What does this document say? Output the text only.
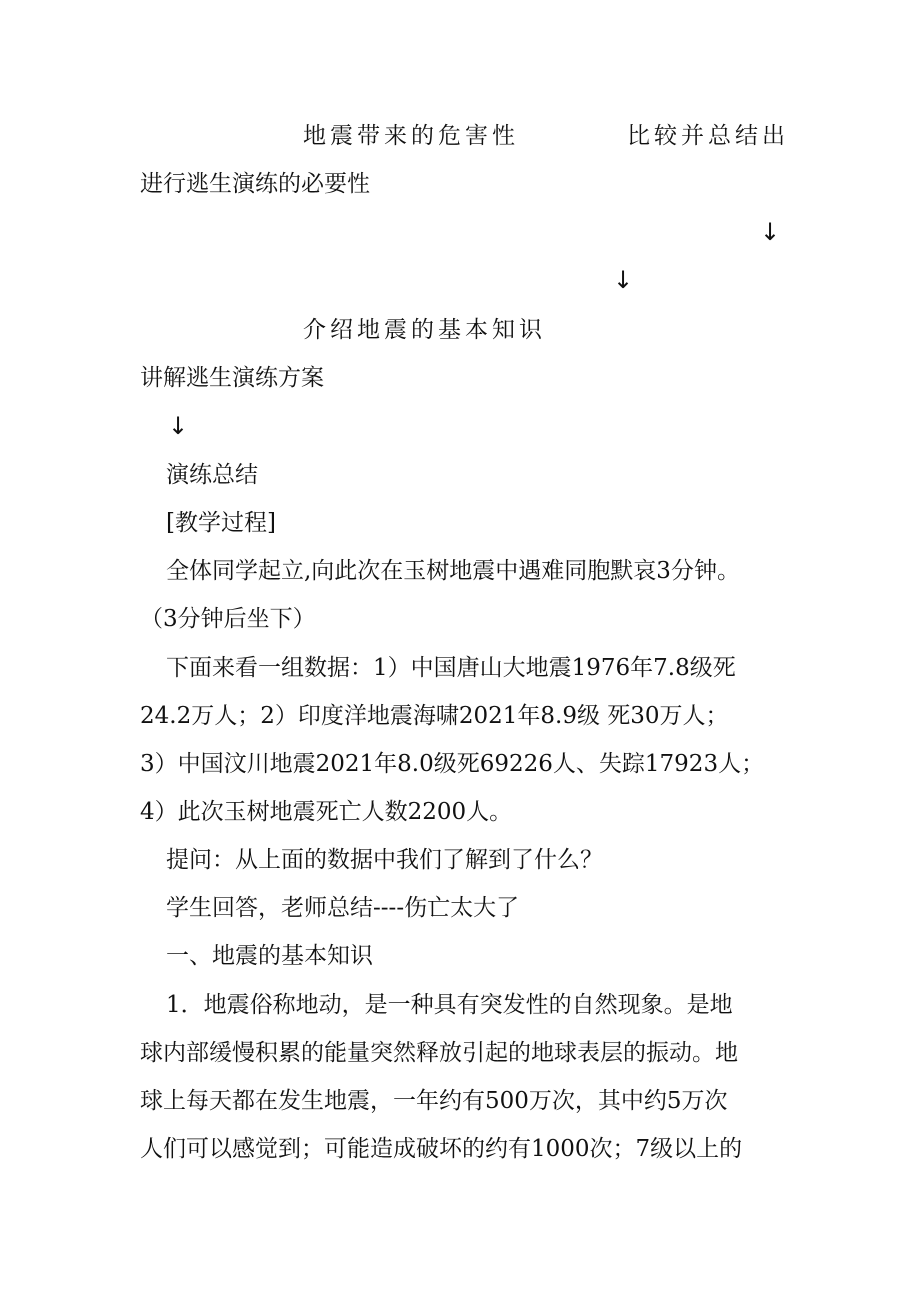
地震带来的危害性	比较并总结出
进行逃生演练的必要性
↓
↓
介绍地震的基本知识
讲解逃生演练方案
↓
演练总结
[教学过程]
全体同学起立,向此次在玉树地震中遇难同胞默哀3分钟。
（3分钟后坐下）
下面来看一组数据：1）中国唐山大地震1976年7.8级死
24.2万人；2）印度洋地震海啸2021年8.9级 死30万人；
3）中国汶川地震2021年8.0级死69226人、失踪17923人；
4）此次玉树地震死亡人数2200人。
提问：从上面的数据中我们了解到了什么？
学生回答，老师总结----伤亡太大了
一、地震的基本知识
1．地震俗称地动，是一种具有突发性的自然现象。是地
球内部缓慢积累的能量突然释放引起的地球表层的振动。地
球上每天都在发生地震，一年约有500万次，其中约5万次
人们可以感觉到；可能造成破坏的约有1000次；7级以上的
